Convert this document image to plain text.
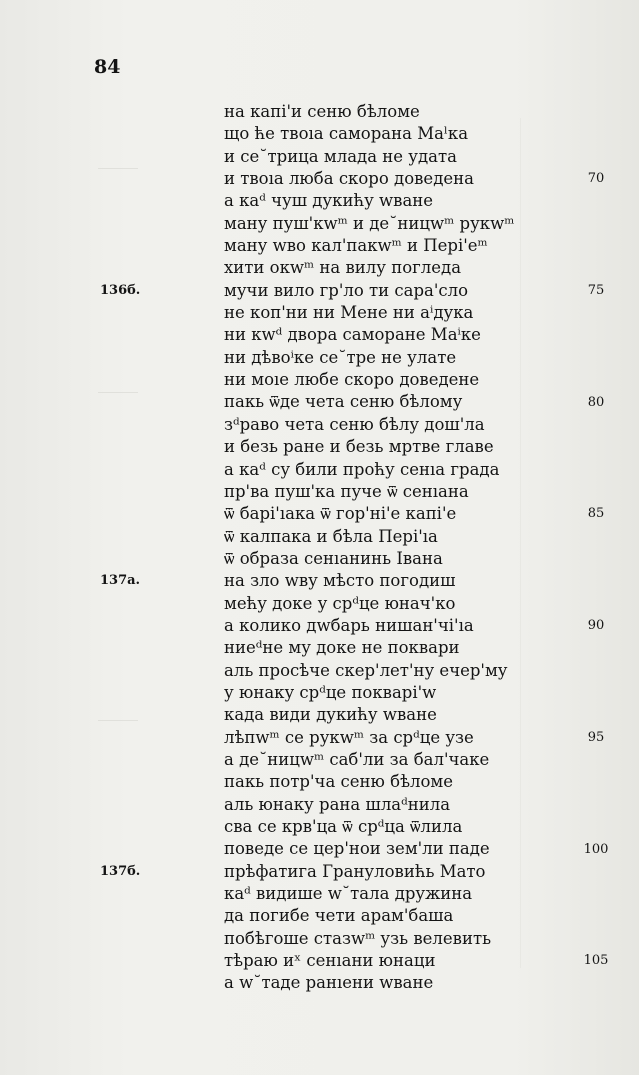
84
на капі'и сеню бѣломе
що ће твоıа саморана Маˡка
и се˘трица млада не удата
и твоıа люба скоро доведена
а каᵈ чуш дукићу wване
ману пуш'кwᵐ и де˘ницwᵐ рукwᵐ
ману wво кал'пакwᵐ и Пері'еᵐ
хити окwᵐ на вилу погледа
мучи вило гр'ло ти сара'сло
не коп'ни ни Мене ни аⁱдука
ни кwᵈ двора саморане Маⁱке
ни дѣвоⁱке се˘тре не улате
ни моıе любе скоро доведене
пакь ѿде чета сеню бѣлому
зᵈраво чета сеню бѣлу дош'ла
и безь ране и безь мртве главе
а каᵈ су били проћу сенıа града
пр'ва пуш'ка пуче ѿ сенıана
ѿ барі'ıака ѿ гор'ні'е капі'е
ѿ калпака и бѣла Пері'ıа
ѿ образа сенıанинь Івана
на зло wву мѣсто погодиш
мећу доке у срᵈце юнач'ко
а колико дwбарь нишан'чі'ıа
ниеᵈне му доке не поквари
аль просѣче скер'лет'ну ечер'му
у юнаку срᵈце покварі'w
када види дукићу wване
лѣпwᵐ се рукwᵐ за срᵈце узе
а де˘ницwᵐ саб'ли за бал'чаке
пакь потр'ча сеню бѣломе
аль юнаку рана шлаᵈнила
сва се крв'ца ѿ срᵈца ѿлила
поведе се цер'нои зем'ли паде
прѣфатига Грануловићь Мато
каᵈ видише w˘тала дружина
да погибе чети арам'баша
побѣгоше стазwᵐ узь велевить
тѣраю иˣ сенıани юнаци
а w˘таде ранıени wване
70
75
80
85
90
95
100
105
136б.
137а.
137б.
